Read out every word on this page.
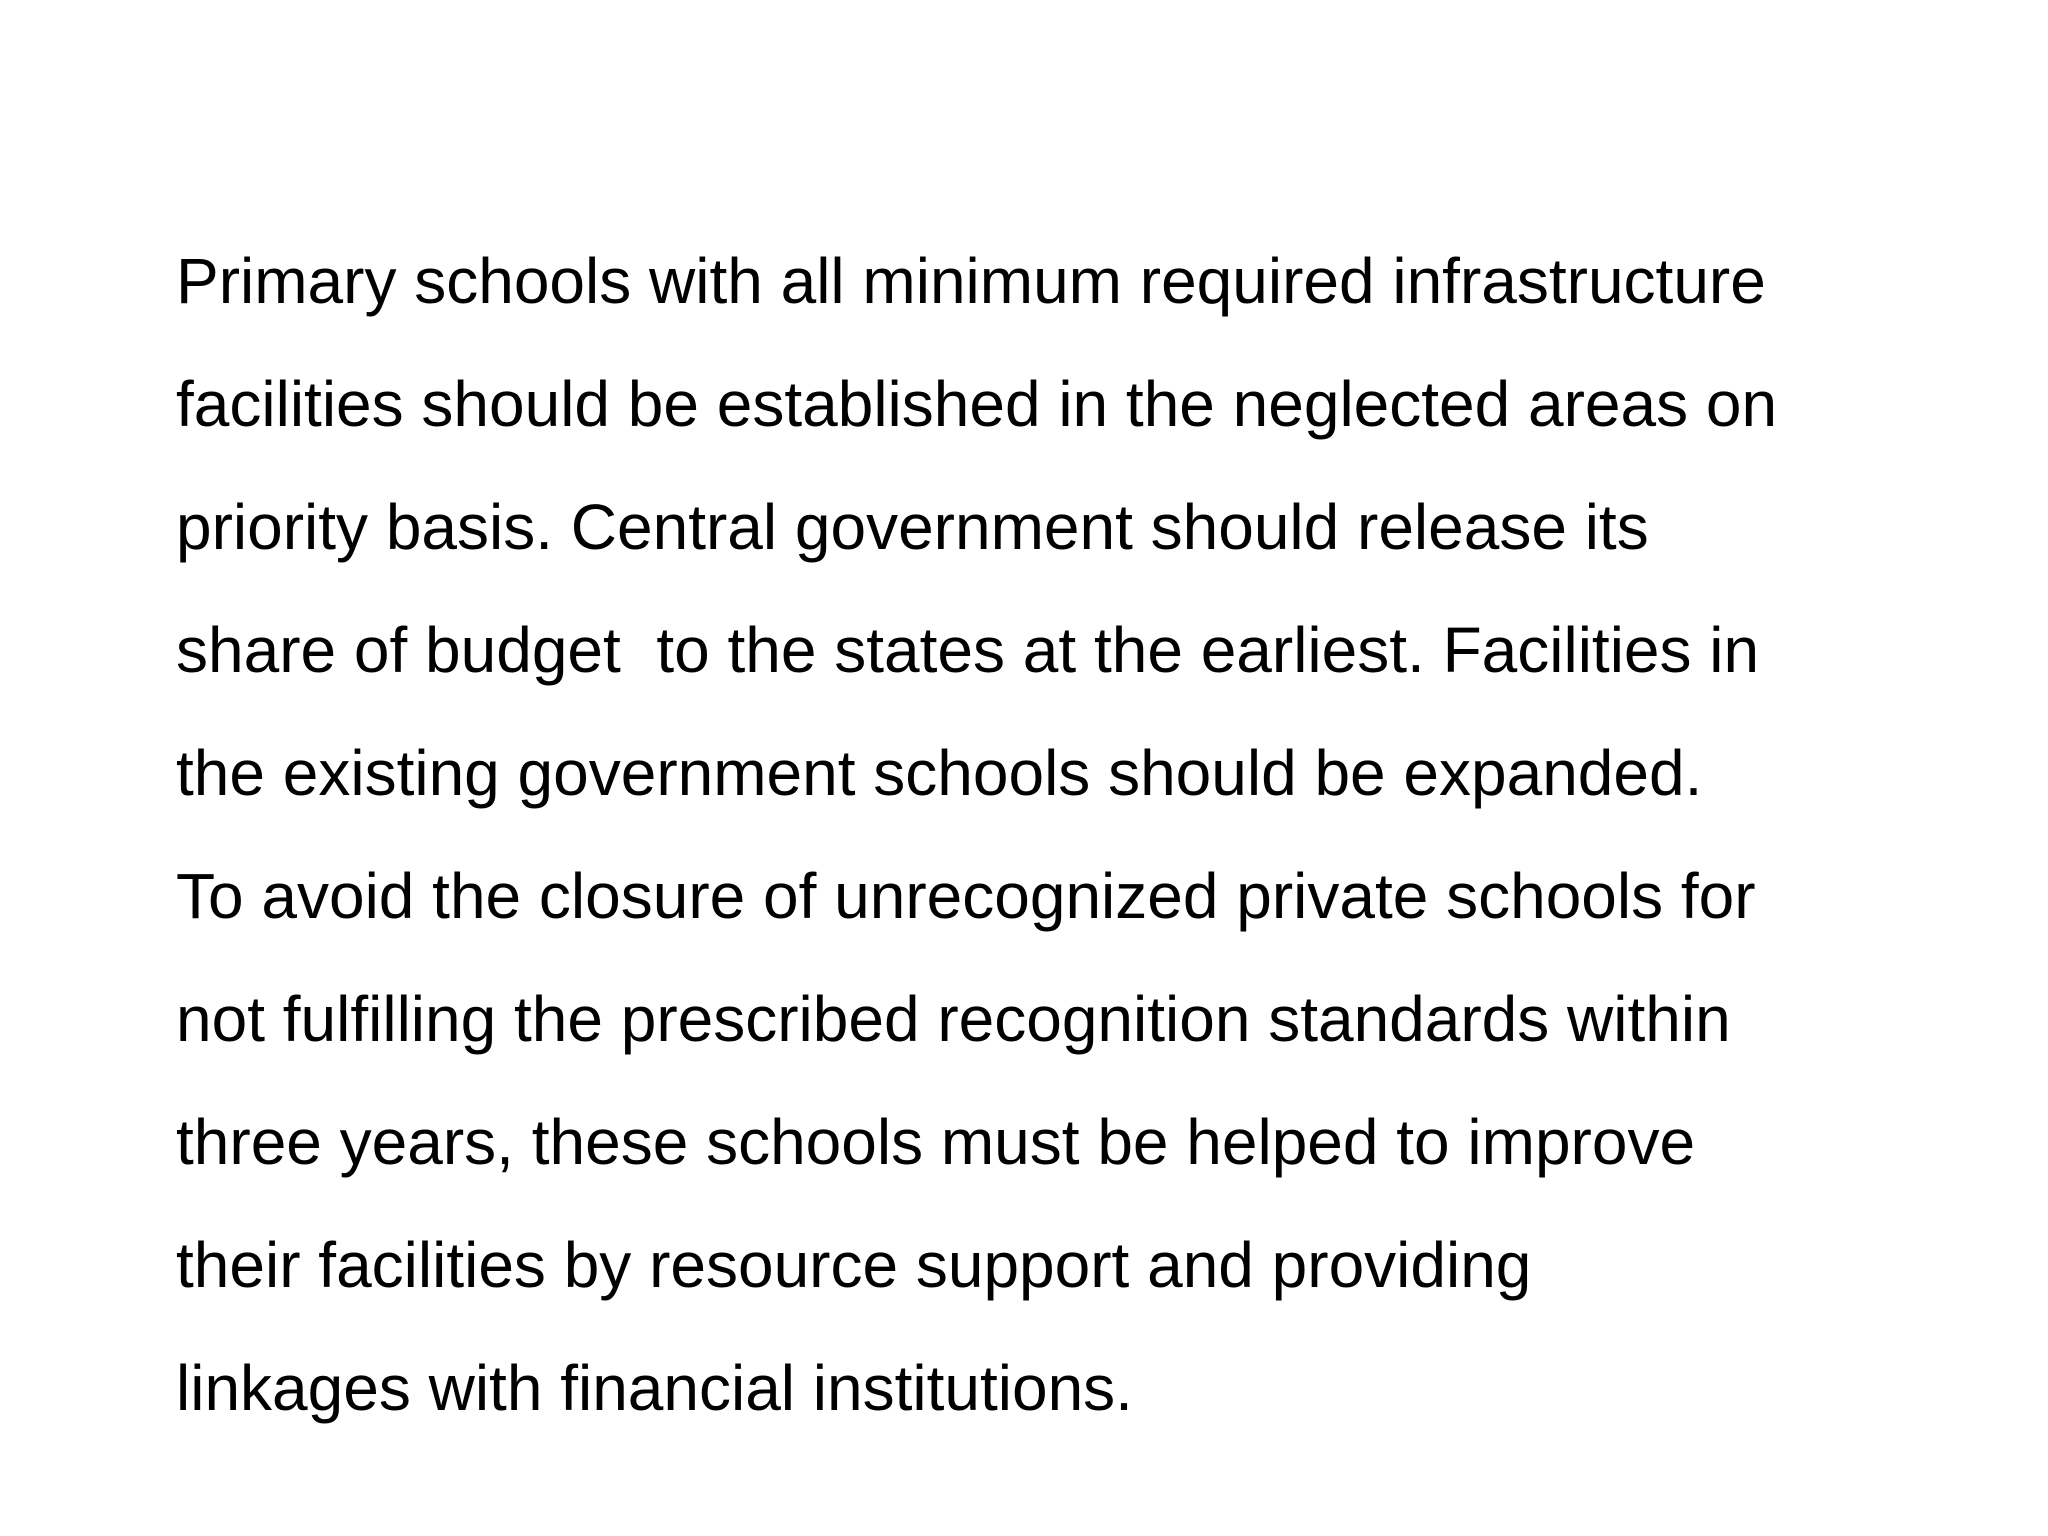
Primary schools with all minimum required infrastructure
facilities should be established in the neglected areas on
priority basis. Central government should release its
share of budget  to the states at the earliest. Facilities in
the existing government schools should be expanded.
To avoid the closure of unrecognized private schools for
not fulfilling the prescribed recognition standards within
three years, these schools must be helped to improve
their facilities by resource support and providing
linkages with financial institutions.
